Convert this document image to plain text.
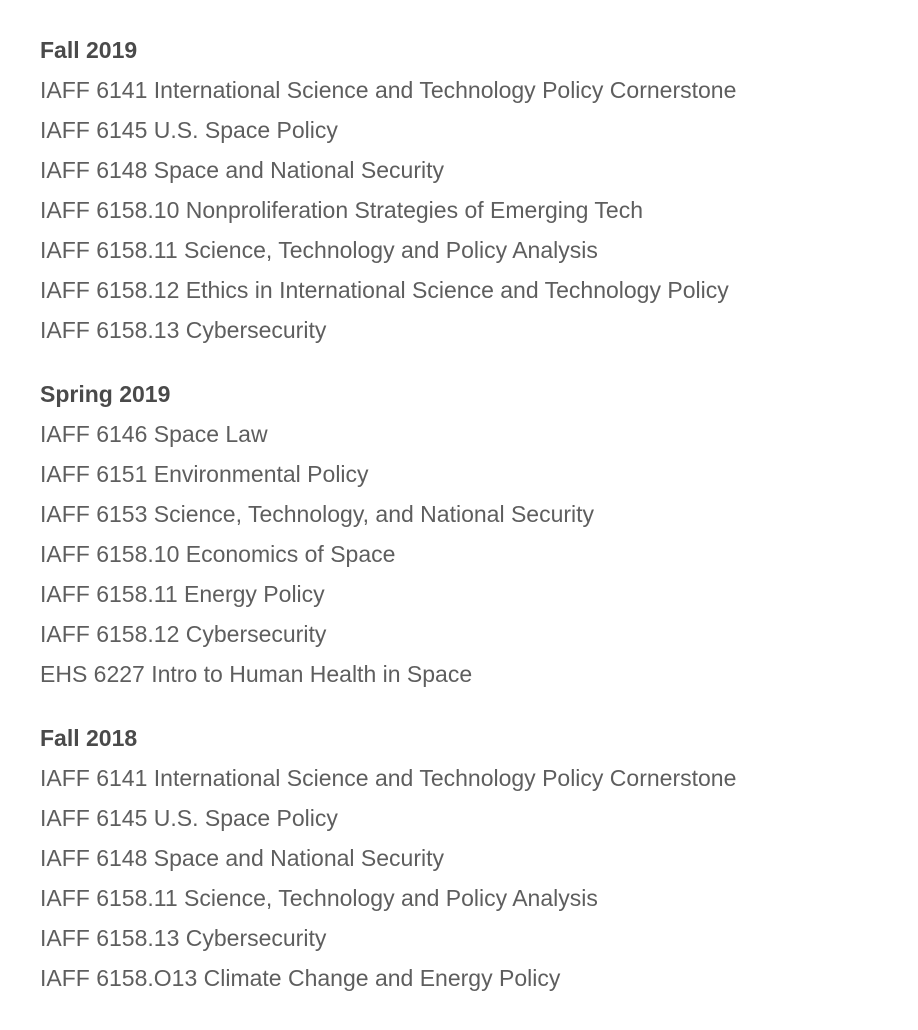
Fall 2019
IAFF 6141 International Science and Technology Policy Cornerstone
IAFF 6145 U.S. Space Policy
IAFF 6148 Space and National Security
IAFF 6158.10 Nonproliferation Strategies of Emerging Tech
IAFF 6158.11 Science, Technology and Policy Analysis
IAFF 6158.12 Ethics in International Science and Technology Policy
IAFF 6158.13 Cybersecurity
Spring 2019
IAFF 6146 Space Law
IAFF 6151 Environmental Policy
IAFF 6153 Science, Technology, and National Security
IAFF 6158.10 Economics of Space
IAFF 6158.11 Energy Policy
IAFF 6158.12 Cybersecurity
EHS 6227 Intro to Human Health in Space
Fall 2018
IAFF 6141 International Science and Technology Policy Cornerstone
IAFF 6145 U.S. Space Policy
IAFF 6148 Space and National Security
IAFF 6158.11 Science, Technology and Policy Analysis
IAFF 6158.13 Cybersecurity
IAFF 6158.O13 Climate Change and Energy Policy
